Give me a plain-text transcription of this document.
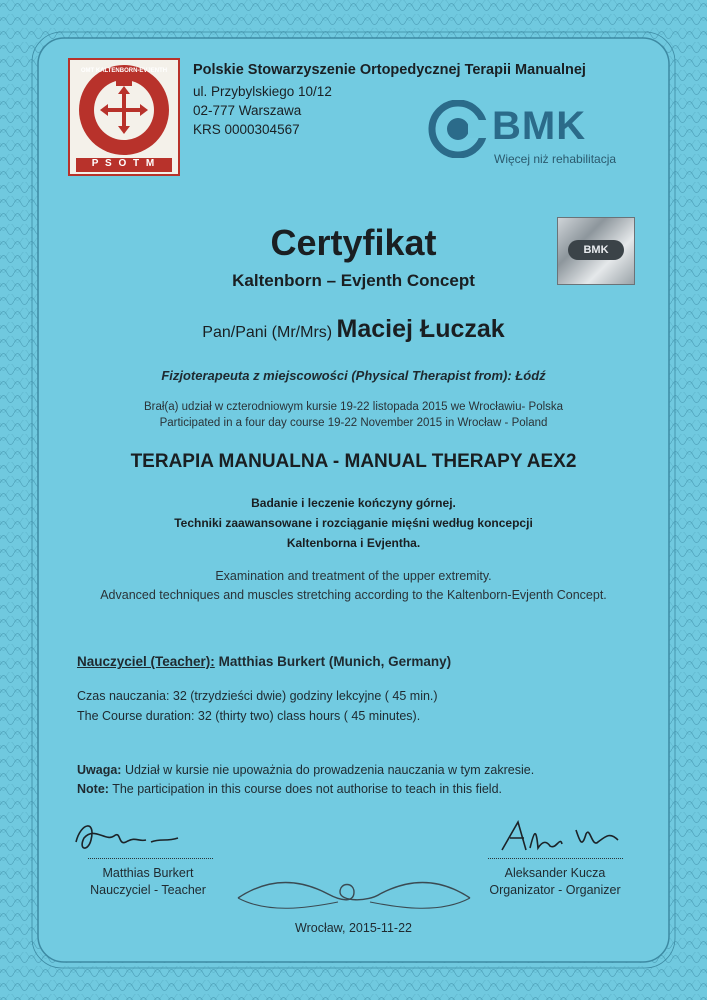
P S O T M
OMT KALTENBORN-EVJENTH	Polskie Stowarzyszenie Ortopedycznej Terapii Manualnej
ul. Przybylskiego 10/12
02-777 Warszawa
KRS 0000304567	BMK
Więcej niż rehabilitacja
BMK
Certyfikat
Kaltenborn – Evjenth Concept
Pan/Pani (Mr/Mrs) Maciej Łuczak
Fizjoterapeuta z miejscowości (Physical Therapist from): Łódź
Brał(a) udział w czterodniowym kursie 19-22 listopada 2015 we Wrocławiu- Polska
Participated in a four day course 19-22 November 2015 in Wrocław - Poland
TERAPIA MANUALNA - MANUAL THERAPY AEX2
Badanie i leczenie kończyny górnej.
Techniki zaawansowane i rozciąganie mięśni według koncepcji
Kaltenborna i Evjentha.
Examination and treatment of the upper extremity.
Advanced techniques and muscles stretching according to the Kaltenborn-Evjenth Concept.
Nauczyciel (Teacher): Matthias Burkert (Munich, Germany)
Czas nauczania: 32 (trzydzieści dwie) godziny lekcyjne ( 45 min.)
The Course duration: 32 (thirty two) class hours ( 45 minutes).
Uwaga: Udział w kursie nie upoważnia do prowadzenia nauczania w tym zakresie.
Note: The participation in this course does not authorise to teach in this field.
Matthias Burkert
Nauczyciel - Teacher
Aleksander Kucza
Organizator - Organizer
Wrocław, 2015-11-22
